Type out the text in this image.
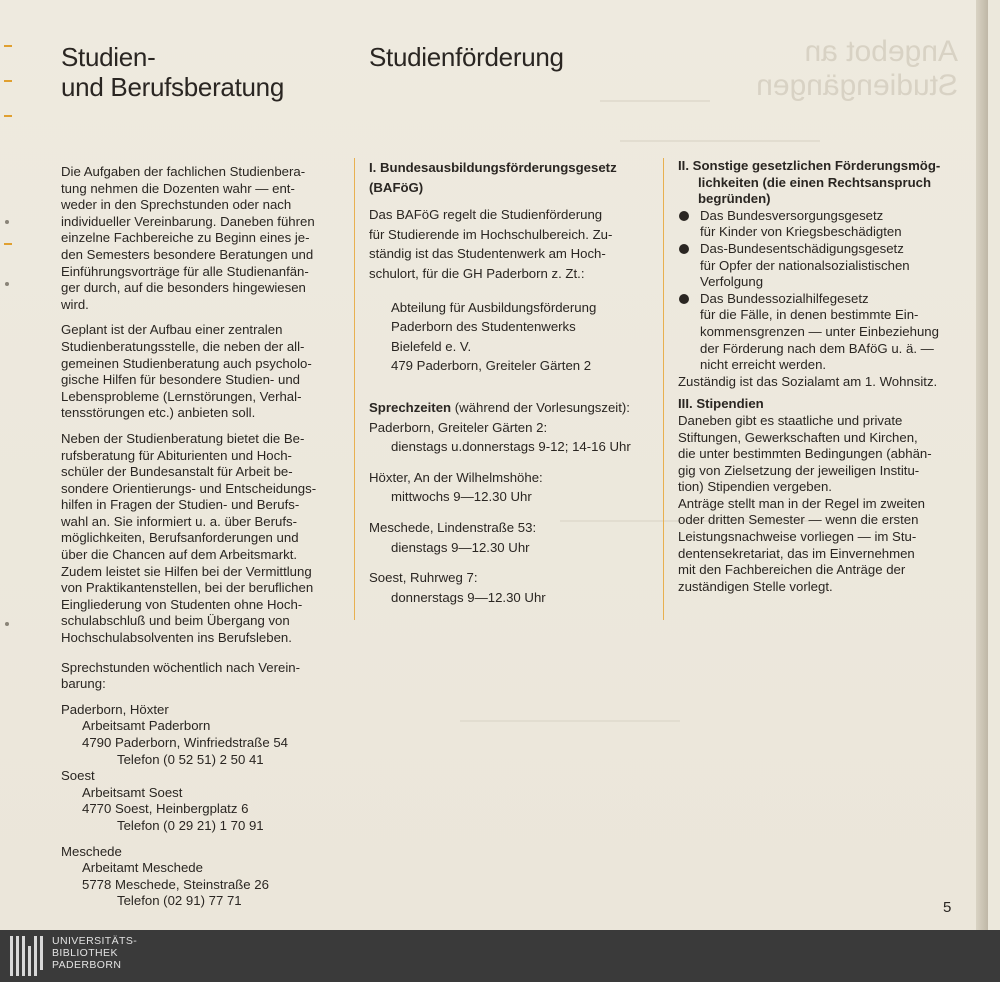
Angebot an Studiengängen
Studien-
und Berufsberatung
Studienförderung

Die Aufgaben der fachlichen Studienbera-
tung nehmen die Dozenten wahr — ent-
weder in den Sprechstunden oder nach
individueller Vereinbarung. Daneben führen
einzelne Fachbereiche zu Beginn eines je-
den Semesters besondere Beratungen und
Einführungsvorträge für alle Studienanfän-
ger durch, auf die besonders hingewiesen
wird.

Geplant ist der Aufbau einer zentralen
Studienberatungsstelle, die neben der all-
gemeinen Studienberatung auch psycholo-
gische Hilfen für besondere Studien- und
Lebensprobleme (Lernstörungen, Verhal-
tensstörungen etc.) anbieten soll.

Neben der Studienberatung bietet die Be-
rufsberatung für Abiturienten und Hoch-
schüler der Bundesanstalt für Arbeit be-
sondere Orientierungs- und Entscheidungs-
hilfen in Fragen der Studien- und Berufs-
wahl an. Sie informiert u. a. über Berufs-
möglichkeiten, Berufsanforderungen und
über die Chancen auf dem Arbeitsmarkt.
Zudem leistet sie Hilfen bei der Vermittlung
von Praktikantenstellen, bei der beruflichen
Eingliederung von Studenten ohne Hoch-
schulabschluß und beim Übergang von
Hochschulabsolventen ins Berufsleben.

Sprechstunden wöchentlich nach Verein-
barung:

Paderborn, Höxter
Arbeitsamt Paderborn
4790 Paderborn, Winfriedstraße 54
Telefon (0 52 51) 2 50 41
Soest
Arbeitsamt Soest
4770 Soest, Heinbergplatz 6
Telefon (0 29 21) 1 70 91
Meschede
Arbeitamt Meschede
5778 Meschede, Steinstraße 26
Telefon (02 91) 77 71
I. Bundesausbildungsförderungsgesetz
(BAFöG)

Das BAFöG regelt die Studienförderung
für Studierende im Hochschulbereich. Zu-
ständig ist das Studentenwerk am Hoch-
schulort, für die GH Paderborn z. Zt.:

Abteilung für Ausbildungsförderung
Paderborn des Studentenwerks
Bielefeld e. V.
479 Paderborn, Greiteler Gärten 2
Sprechzeiten (während der Vorlesungszeit):
Paderborn, Greiteler Gärten 2:
dienstags u.donnerstags 9-12; 14-16 Uhr
Höxter, An der Wilhelmshöhe:
mittwochs 9—12.30 Uhr
Meschede, Lindenstraße 53:
dienstags 9—12.30 Uhr
Soest, Ruhrweg 7:
donnerstags 9—12.30 Uhr
II. Sonstige gesetzlichen Förderungsmög-
lichkeiten (die einen Rechtsanspruch
begründen)
Das Bundesversorgungsgesetz
für Kinder von Kriegsbeschädigten
Das-Bundesentschädigungsgesetz
für Opfer der nationalsozialistischen
Verfolgung
Das Bundessozialhilfegesetz
für die Fälle, in denen bestimmte Ein-
kommensgrenzen — unter Einbeziehung
der Förderung nach dem BAföG u. ä. —
nicht erreicht werden.
Zuständig ist das Sozialamt am 1. Wohnsitz.
III. Stipendien

Daneben gibt es staatliche und private
Stiftungen, Gewerkschaften und Kirchen,
die unter bestimmten Bedingungen (abhän-
gig von Zielsetzung der jeweiligen Institu-
tion) Stipendien vergeben.

Anträge stellt man in der Regel im zweiten
oder dritten Semester — wenn die ersten
Leistungsnachweise vorliegen — im Stu-
dentensekretariat, das im Einvernehmen
mit den Fachbereichen die Anträge der
zuständigen Stelle vorlegt.

5
UNIVERSITÄTS-
BIBLIOTHEK
PADERBORN
